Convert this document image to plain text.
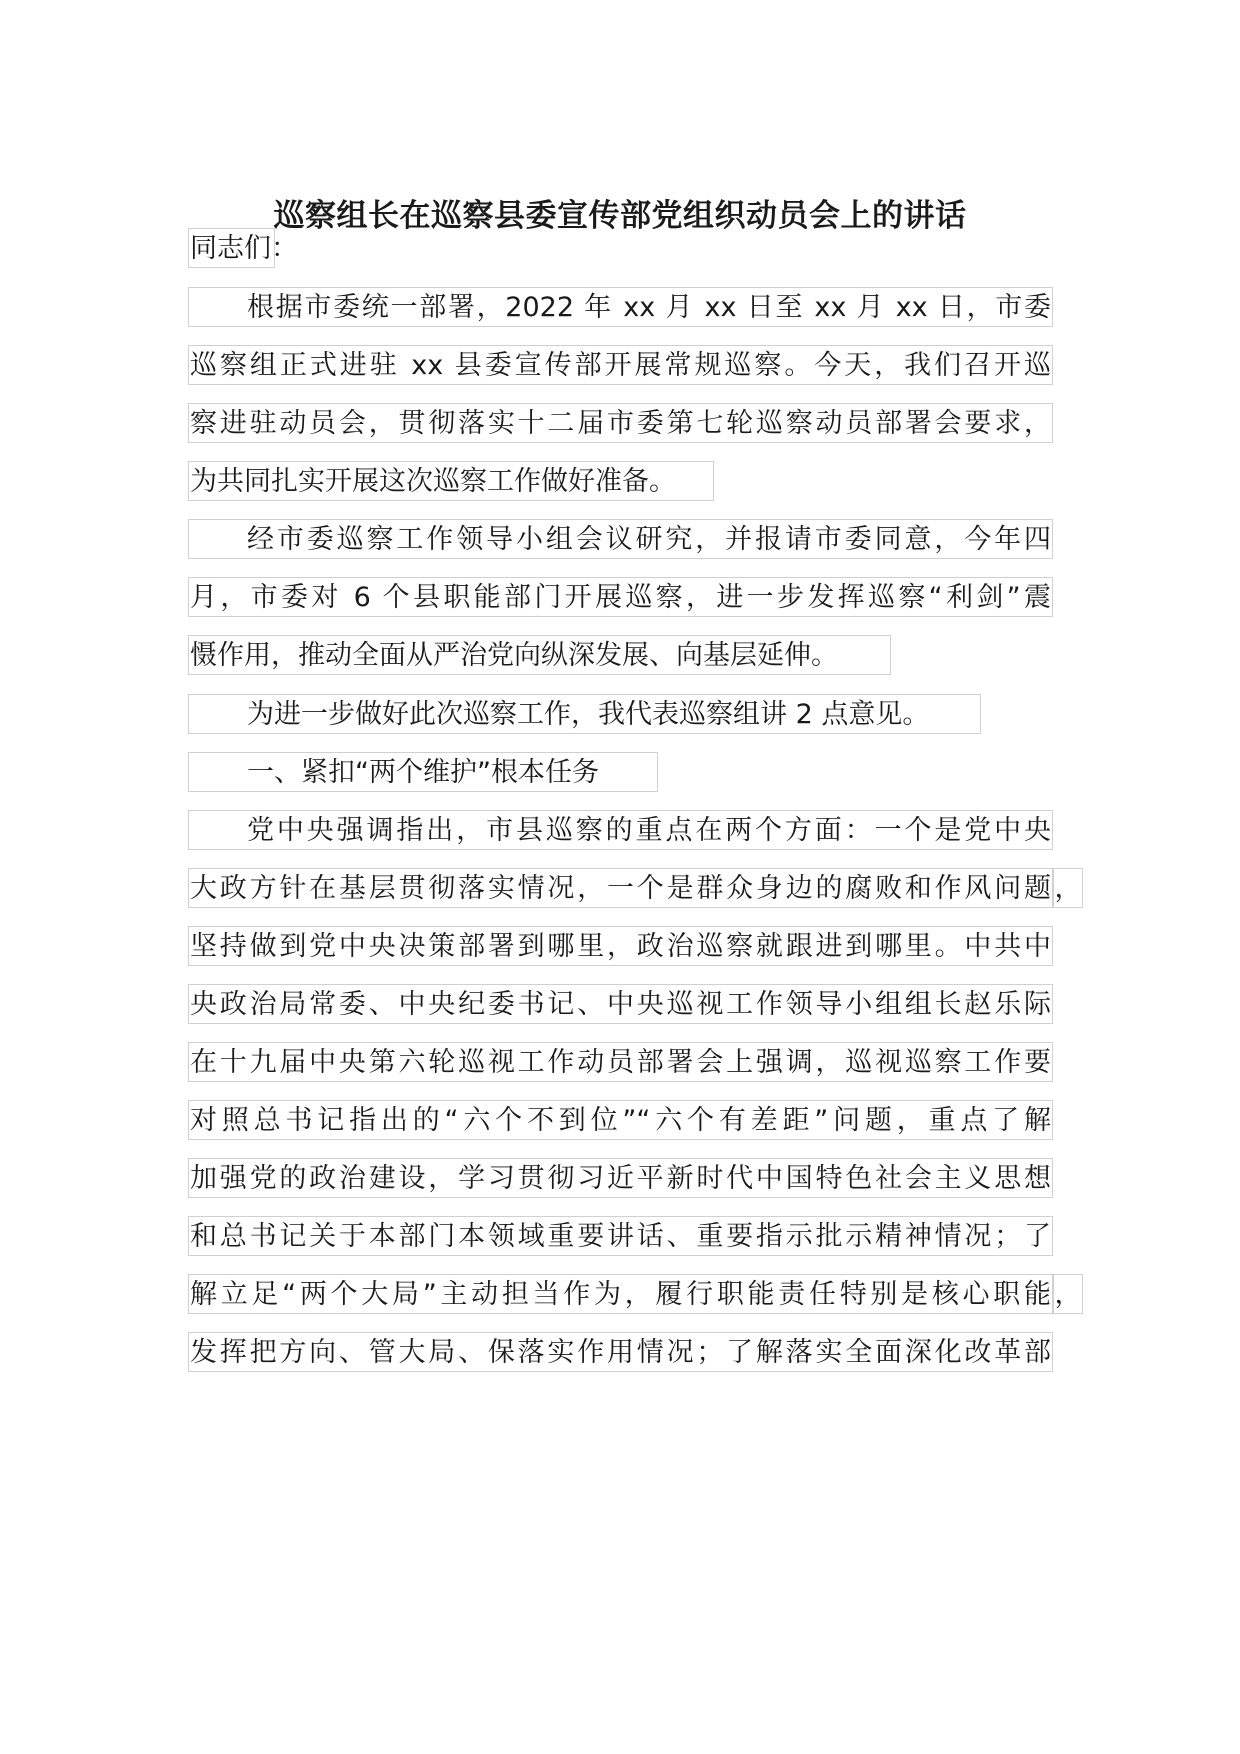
巡察组长在巡察县委宣传部党组织动员会上的讲话
同志们：
根据市委统一部署，2022 年 xx 月 xx 日至 xx 月 xx 日，市委
巡察组正式进驻 xx 县委宣传部开展常规巡察。今天，我们召开巡
察进驻动员会，贯彻落实十二届市委第七轮巡察动员部署会要求，
为共同扎实开展这次巡察工作做好准备。
经市委巡察工作领导小组会议研究，并报请市委同意，今年四
月，市委对 6 个县职能部门开展巡察，进一步发挥巡察“利剑”震
慑作用，推动全面从严治党向纵深发展、向基层延伸。
为进一步做好此次巡察工作，我代表巡察组讲 2 点意见。
一、紧扣“两个维护”根本任务
党中央强调指出，市县巡察的重点在两个方面：一个是党中央
大政方针在基层贯彻落实情况，一个是群众身边的腐败和作风问题 ，
坚持做到党中央决策部署到哪里，政治巡察就跟进到哪里。中共中
央政治局常委、中央纪委书记、中央巡视工作领导小组组长赵乐际
在十九届中央第六轮巡视工作动员部署会上强调，巡视巡察工作要
对照总书记指出的“六个不到位”“六个有差距”问题，重点了解
加强党的政治建设，学习贯彻习近平新时代中国特色社会主义思想
和总书记关于本部门本领域重要讲话、重要指示批示精神情况；了
解立足“两个大局”主动担当作为，履行职能责任特别是核心职能 ，
发挥把方向、管大局、保落实作用情况；了解落实全面深化改革部
